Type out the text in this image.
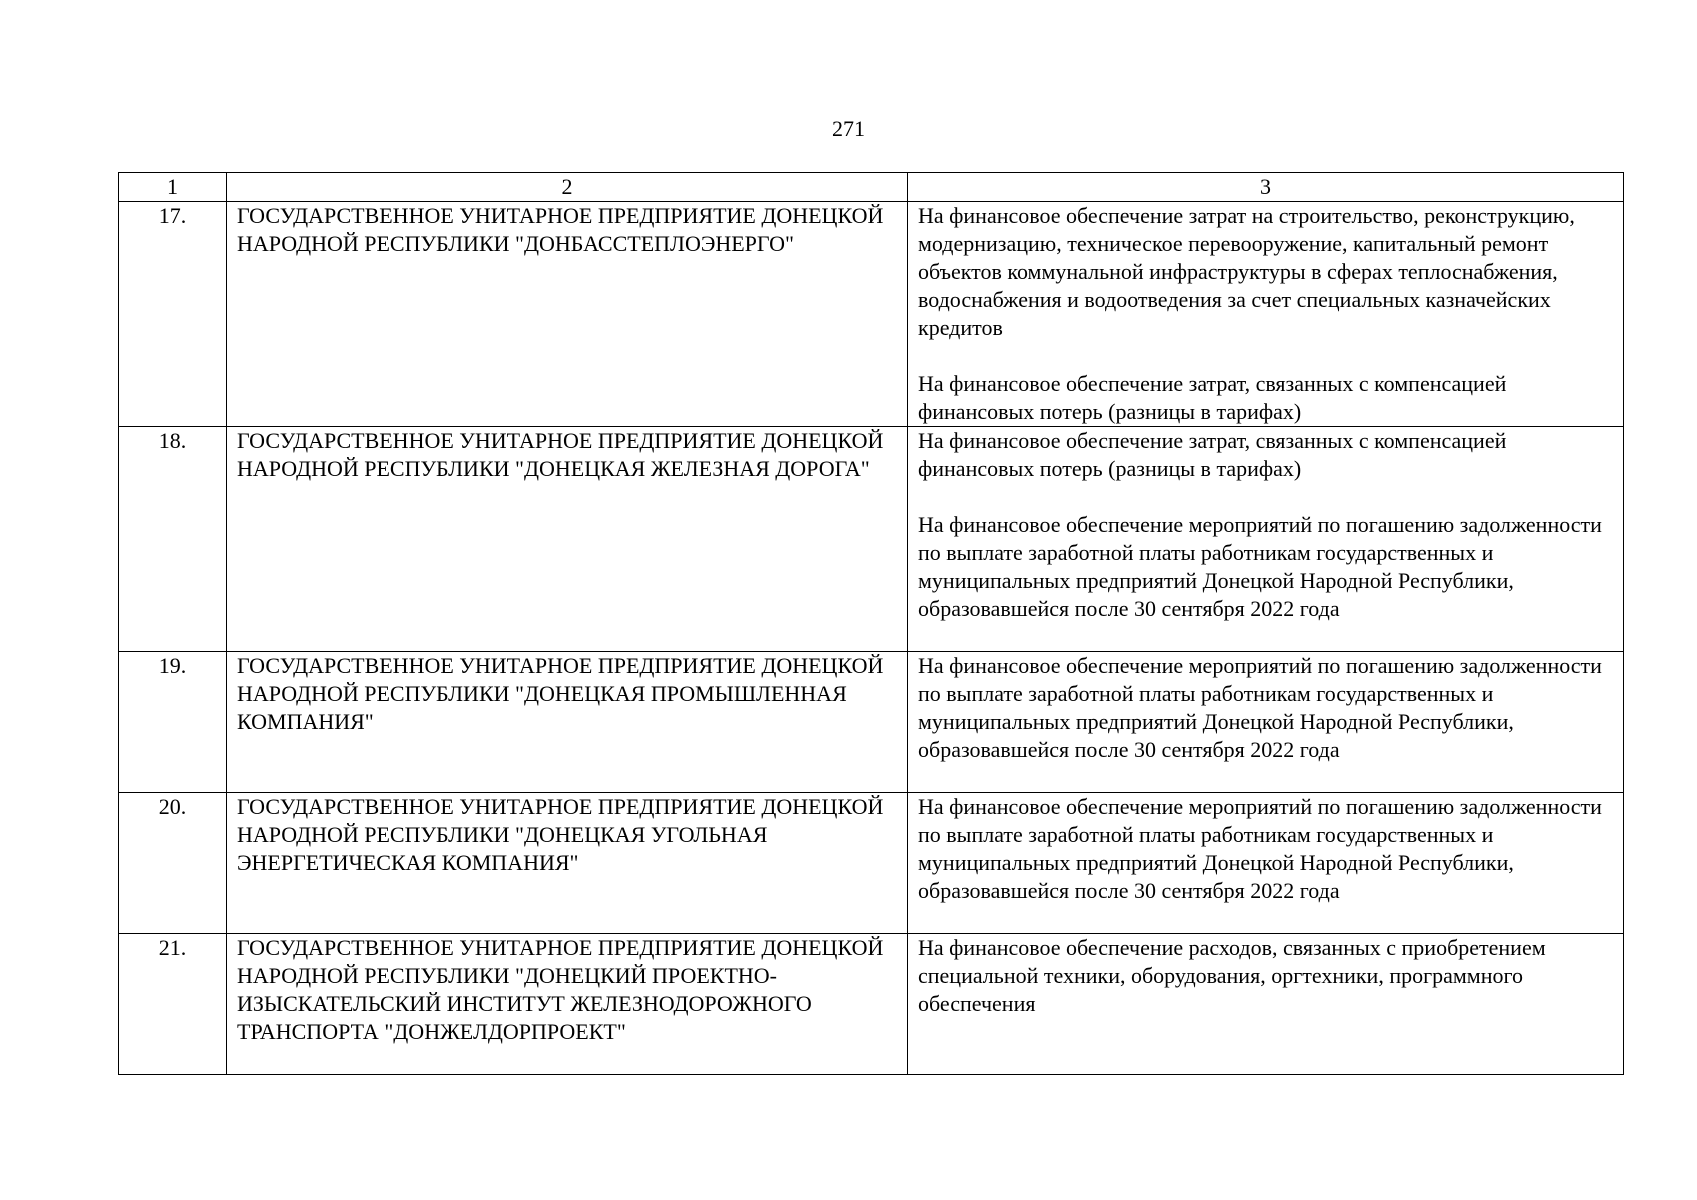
271
1	2	3
17.	ГОСУДАРСТВЕННОЕ УНИТАРНОЕ ПРЕДПРИЯТИЕ ДОНЕЦКОЙ НАРОДНОЙ РЕСПУБЛИКИ "ДОНБАССТЕПЛОЭНЕРГО"	На финансовое обеспечение затрат на строительство, реконструкцию, модернизацию, техническое перевооружение, капитальный ремонт объектов коммунальной инфраструктуры в сферах теплоснабжения, водоснабжения и водоотведения за счет специальных казначейских кредитов
На финансовое обеспечение затрат, связанных с компенсацией финансовых потерь (разницы в тарифах)

18.	ГОСУДАРСТВЕННОЕ УНИТАРНОЕ ПРЕДПРИЯТИЕ ДОНЕЦКОЙ НАРОДНОЙ РЕСПУБЛИКИ "ДОНЕЦКАЯ ЖЕЛЕЗНАЯ ДОРОГА"	На финансовое обеспечение затрат, связанных с компенсацией финансовых потерь (разницы в тарифах)
На финансовое обеспечение мероприятий по погашению задолженности по выплате заработной платы работникам государственных и муниципальных предприятий Донецкой Народной Республики, образовавшейся после 30 сентября 2022 года

19.	ГОСУДАРСТВЕННОЕ УНИТАРНОЕ ПРЕДПРИЯТИЕ ДОНЕЦКОЙ НАРОДНОЙ РЕСПУБЛИКИ "ДОНЕЦКАЯ ПРОМЫШЛЕННАЯ КОМПАНИЯ"	На финансовое обеспечение мероприятий по погашению задолженности по выплате заработной платы работникам государственных и муниципальных предприятий Донецкой Народной Республики, образовавшейся после 30 сентября 2022 года

20.	ГОСУДАРСТВЕННОЕ УНИТАРНОЕ ПРЕДПРИЯТИЕ ДОНЕЦКОЙ НАРОДНОЙ РЕСПУБЛИКИ "ДОНЕЦКАЯ УГОЛЬНАЯ ЭНЕРГЕТИЧЕСКАЯ КОМПАНИЯ"	На финансовое обеспечение мероприятий по погашению задолженности по выплате заработной платы работникам государственных и муниципальных предприятий Донецкой Народной Республики, образовавшейся после 30 сентября 2022 года

21.	ГОСУДАРСТВЕННОЕ УНИТАРНОЕ ПРЕДПРИЯТИЕ ДОНЕЦКОЙ НАРОДНОЙ РЕСПУБЛИКИ "ДОНЕЦКИЙ ПРОЕКТНО-ИЗЫСКАТЕЛЬСКИЙ ИНСТИТУТ ЖЕЛЕЗНОДОРОЖНОГО ТРАНСПОРТА "ДОНЖЕЛДОРПРОЕКТ"	На финансовое обеспечение расходов, связанных с приобретением специальной техники, оборудования, оргтехники, программного обеспечения
